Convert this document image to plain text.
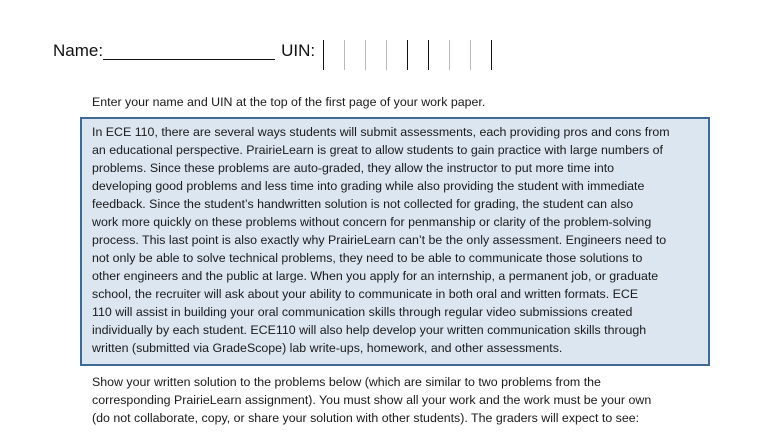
Name:	UIN:
Enter your name and UIN at the top of the first page of your work paper.
In ECE 110, there are several ways students will submit assessments, each providing pros and cons from
an educational perspective. PrairieLearn is great to allow students to gain practice with large numbers of
problems. Since these problems are auto-graded, they allow the instructor to put more time into
developing good problems and less time into grading while also providing the student with immediate
feedback. Since the student’s handwritten solution is not collected for grading, the student can also
work more quickly on these problems without concern for penmanship or clarity of the problem-solving
process. This last point is also exactly why PrairieLearn can’t be the only assessment. Engineers need to
not only be able to solve technical problems, they need to be able to communicate those solutions to
other engineers and the public at large. When you apply for an internship, a permanent job, or graduate
school, the recruiter will ask about your ability to communicate in both oral and written formats. ECE
110 will assist in building your oral communication skills through regular video submissions created
individually by each student. ECE110 will also help develop your written communication skills through
written (submitted via GradeScope) lab write-ups, homework, and other assessments.
Show your written solution to the problems below (which are similar to two problems from the
corresponding PrairieLearn assignment). You must show all your work and the work must be your own
(do not collaborate, copy, or share your solution with other students). The graders will expect to see:
